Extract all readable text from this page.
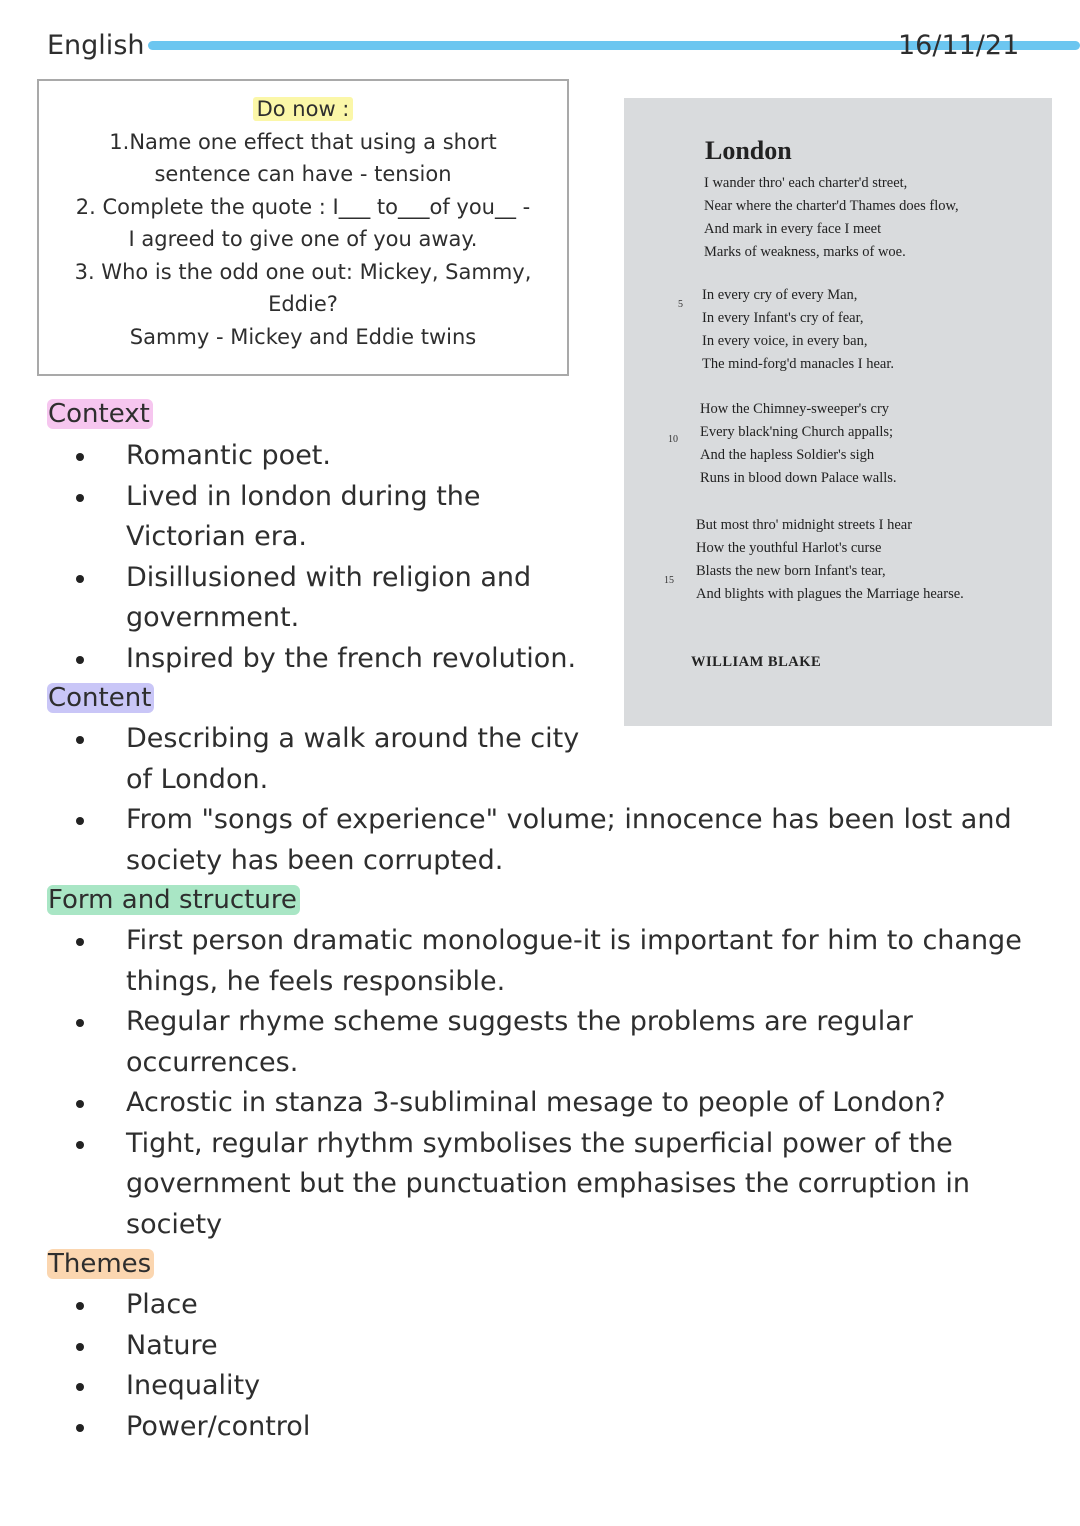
English	16/11/21
Do now :
1.Name one effect that using a short
sentence can have - tension
2. Complete the quote : I___ to___of you__ -
I agreed to give one of you away.
3. Who is the odd one out: Mickey, Sammy,
Eddie?
Sammy - Mickey and Eddie twins
Context
Romantic poet.
Lived in london during the Victorian era.
Disillusioned with religion and government.
Inspired by the french revolution.
Content
Describing a walk around the city of London.
From "songs of experience" volume; innocence has been lost and society has been corrupted.
Form and structure
First person dramatic monologue-it is important for him to change things, he feels responsible.
Regular rhyme scheme suggests the problems are regular occurrences.
Acrostic in stanza 3-subliminal mesage to people of London?
Tight, regular rhythm symbolises the superficial power of the government but the punctuation emphasises the corruption in society
Themes
Place
Nature
Inequality
Power/control
London
I wander thro' each charter'd street,
Near where the charter'd Thames does flow,
And mark in every face I meet
Marks of weakness, marks of woe.
5
In every cry of every Man,
In every Infant's cry of fear,
In every voice, in every ban,
The mind-forg'd manacles I hear.
10
How the Chimney-sweeper's cry
Every black'ning Church appalls;
And the hapless Soldier's sigh
Runs in blood down Palace walls.
15
But most thro' midnight streets I hear
How the youthful Harlot's curse
Blasts the new born Infant's tear,
And blights with plagues the Marriage hearse.
WILLIAM BLAKE
